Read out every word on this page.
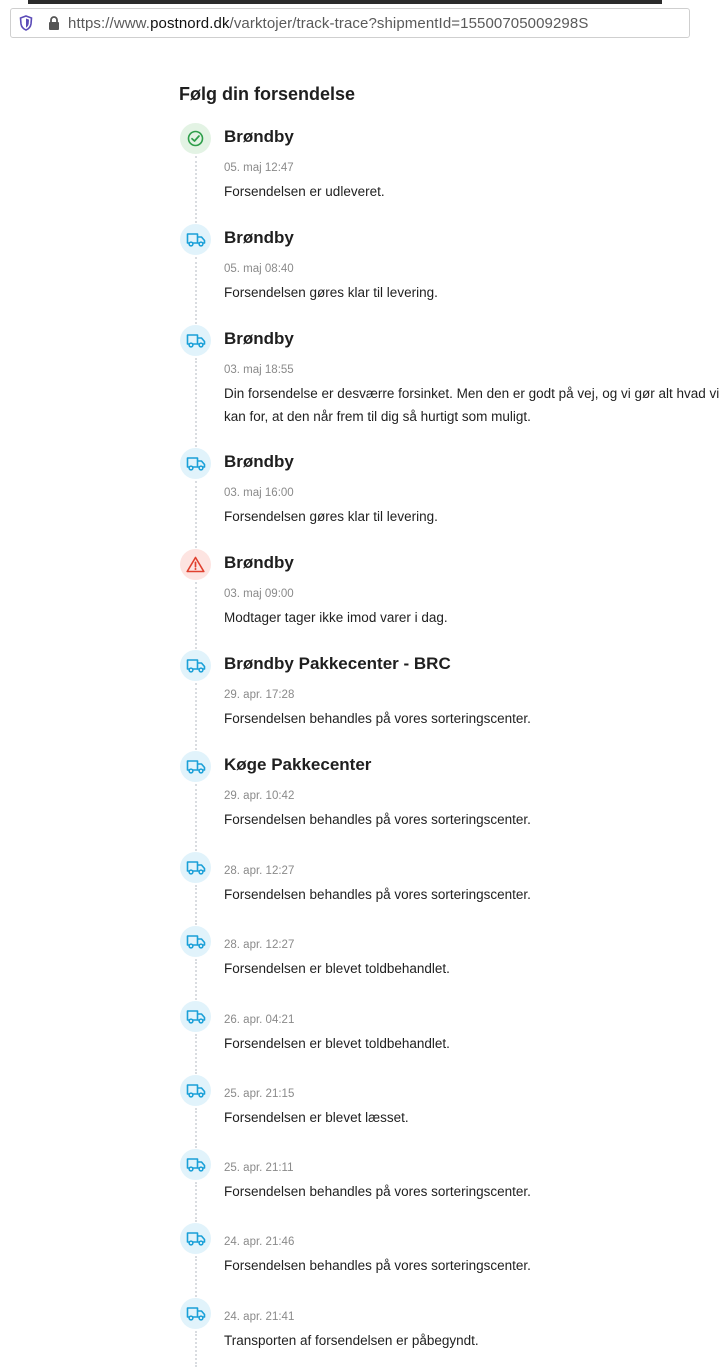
https://www.postnord.dk/varktojer/track-trace?shipmentId=15500705009298S
Følg din forsendelse
Brøndby
05. maj 12:47
Forsendelsen er udleveret.
Brøndby
05. maj 08:40
Forsendelsen gøres klar til levering.
Brøndby
03. maj 18:55
Din forsendelse er desværre forsinket. Men den er godt på vej, og vi gør alt hvad vi
kan for, at den når frem til dig så hurtigt som muligt.
Brøndby
03. maj 16:00
Forsendelsen gøres klar til levering.
Brøndby
03. maj 09:00
Modtager tager ikke imod varer i dag.
Brøndby Pakkecenter - BRC
29. apr. 17:28
Forsendelsen behandles på vores sorteringscenter.
Køge Pakkecenter
29. apr. 10:42
Forsendelsen behandles på vores sorteringscenter.
28. apr. 12:27
Forsendelsen behandles på vores sorteringscenter.
28. apr. 12:27
Forsendelsen er blevet toldbehandlet.
26. apr. 04:21
Forsendelsen er blevet toldbehandlet.
25. apr. 21:15
Forsendelsen er blevet læsset.
25. apr. 21:11
Forsendelsen behandles på vores sorteringscenter.
24. apr. 21:46
Forsendelsen behandles på vores sorteringscenter.
24. apr. 21:41
Transporten af forsendelsen er påbegyndt.
